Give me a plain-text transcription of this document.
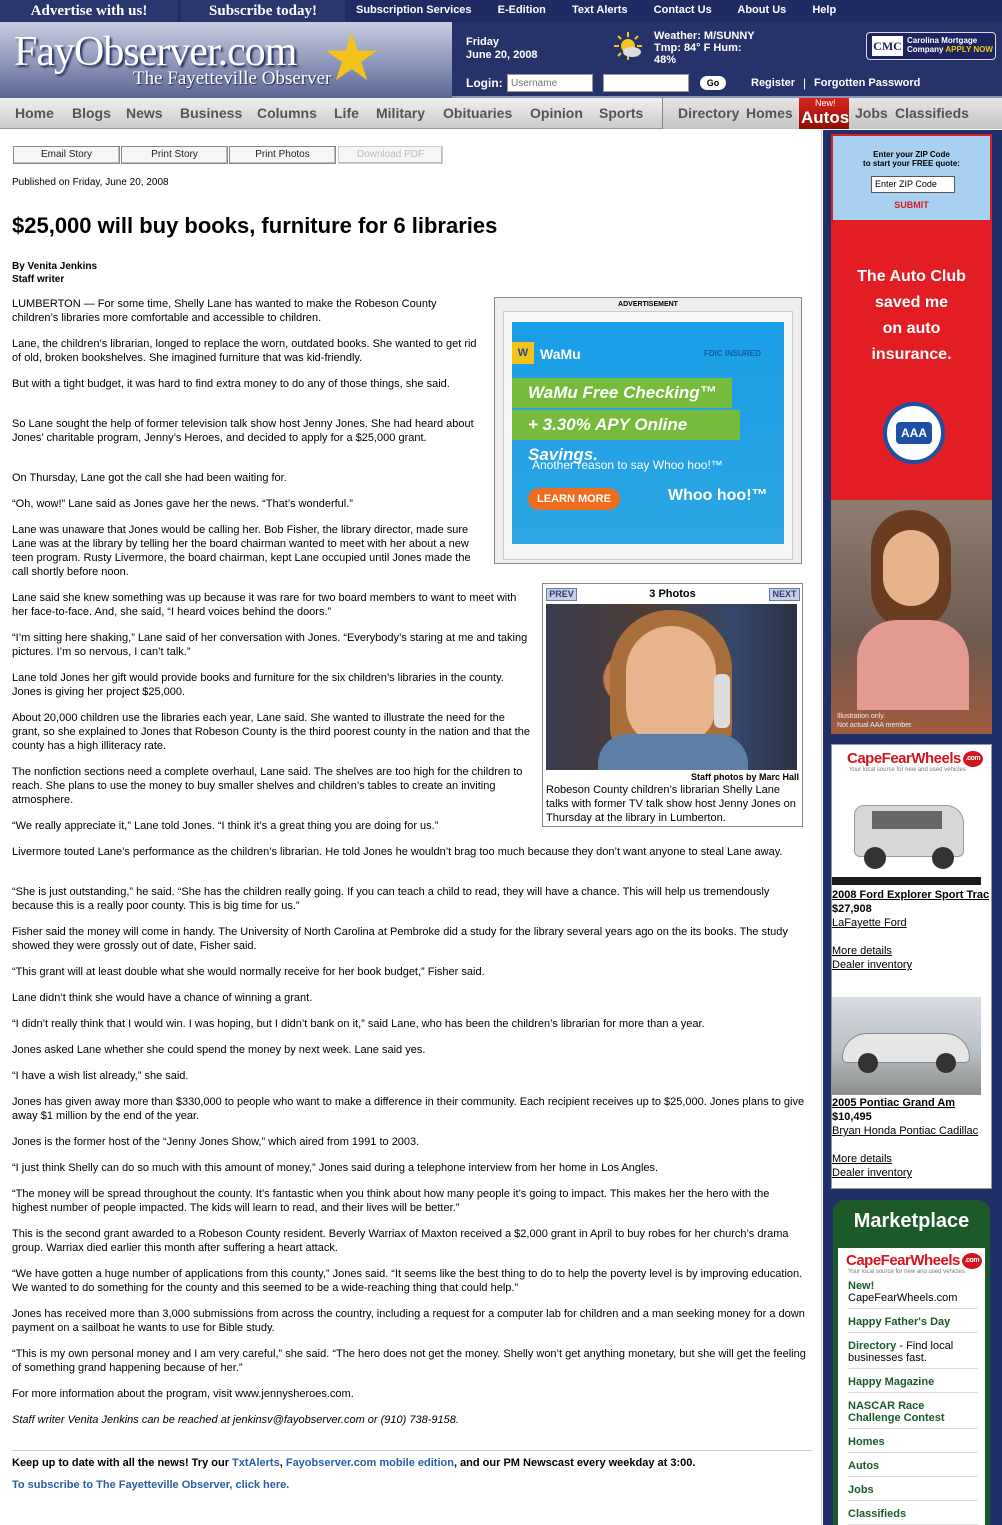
Advertise with us!	Subscribe today!	Subscription Services E-Edition Text Alerts Contact Us About Us Help
★
FayObserver.com
The Fayetteville Observer
Friday
June 20, 2008
Weather: M/SUNNY
Tmp: 84° F Hum:
48%
CMC Carolina Mortgage
Company APPLY NOW
Login:
Username	Go	Register | Forgotten Password
Home Blogs News Business Columns Life Military Obituaries Opinion Sports Directory Homes	Jobs Classifieds
New!
Autos
Email Story	Print Story	Print Photos	Download PDF
Published on Friday, June 20, 2008
$25,000 will buy books, furniture for 6 libraries
By Venita Jenkins
Staff writer

LUMBERTON — For some time, Shelly Lane has wanted to make the Robeson County children’s libraries more comfortable and accessible to children.

Lane, the children’s librarian, longed to replace the worn, outdated books. She wanted to get rid of old, broken bookshelves. She imagined furniture that was kid-friendly.

But with a tight budget, it was hard to find extra money to do any of those things, she said.

So Lane sought the help of former television talk show host Jenny Jones. She had heard about Jones’ charitable program, Jenny’s Heroes, and decided to apply for a $25,000 grant.

On Thursday, Lane got the call she had been waiting for.

“Oh, wow!” Lane said as Jones gave her the news. “That’s wonderful.”

Lane was unaware that Jones would be calling her. Bob Fisher, the library director, made sure Lane was at the library by telling her the board chairman wanted to meet with her about a new teen program. Rusty Livermore, the board chairman, kept Lane occupied until Jones made the call shortly before noon.

Lane said she knew something was up because it was rare for two board members to want to meet with her face-to-face. And, she said, “I heard voices behind the doors.”

“I’m sitting here shaking,” Lane said of her conversation with Jones. “Everybody’s staring at me and taking pictures. I’m so nervous, I can’t talk.”

Lane told Jones her gift would provide books and furniture for the six children’s libraries in the county. Jones is giving her project $25,000.

About 20,000 children use the libraries each year, Lane said. She wanted to illustrate the need for the grant, so she explained to Jones that Robeson County is the third poorest county in the nation and that the county has a high illiteracy rate.

The nonfiction sections need a complete overhaul, Lane said. The shelves are too high for the children to reach. She plans to use the money to buy smaller shelves and children’s tables to create an inviting atmosphere.

“We really appreciate it,” Lane told Jones. “I think it’s a great thing you are doing for us.”

Livermore touted Lane’s performance as the children’s librarian. He told Jones he wouldn’t brag too much because they don’t want anyone to steal Lane away.

“She is just outstanding,” he said. “She has the children really going. If you can teach a child to read, they will have a chance. This will help us tremendously because this is a really poor county. This is big time for us.”

Fisher said the money will come in handy. The University of North Carolina at Pembroke did a study for the library several years ago on the its books. The study showed they were grossly out of date, Fisher said.

“This grant will at least double what she would normally receive for her book budget,” Fisher said.

Lane didn’t think she would have a chance of winning a grant.

“I didn’t really think that I would win. I was hoping, but I didn’t bank on it,” said Lane, who has been the children’s librarian for more than a year.

Jones asked Lane whether she could spend the money by next week. Lane said yes.

“I have a wish list already,” she said.

Jones has given away more than $330,000 to people who want to make a difference in their community. Each recipient receives up to $25,000. Jones plans to give away $1 million by the end of the year.

Jones is the former host of the “Jenny Jones Show,” which aired from 1991 to 2003.

“I just think Shelly can do so much with this amount of money,” Jones said during a telephone interview from her home in Los Angles.

“The money will be spread throughout the county. It’s fantastic when you think about how many people it’s going to impact. This makes her the hero with the highest number of people impacted. The kids will learn to read, and their lives will be better.”

This is the second grant awarded to a Robeson County resident. Beverly Warriax of Maxton received a $2,000 grant in April to buy robes for her church’s drama group. Warriax died earlier this month after suffering a heart attack.

“We have gotten a huge number of applications from this county,” Jones said. “It seems like the best thing to do to help the poverty level is by improving education. We wanted to do something for the county and this seemed to be a wide-reaching thing that could help.”

Jones has received more than 3,000 submissions from across the country, including a request for a computer lab for children and a man seeking money for a down payment on a sailboat he wants to use for Bible study.

“This is my own personal money and I am very careful,” she said. “The hero does not get the money. Shelly won’t get anything monetary, but she will get the feeling of something grand happening because of her.”

For more information about the program, visit www.jennysheroes.com.

Staff writer Venita Jenkins can be reached at jenkinsv@fayobserver.com or (910) 738-9158.

ADVERTISEMENT
W WaMu	FDIC INSURED
WaMu Free Checking™
+ 3.30% APY Online Savings.
Another reason to say Whoo hoo!™
LEARN MORE	Whoo hoo!™
3 Photos
PREV	NEXT
Staff photos by Marc Hall
Robeson County children’s librarian Shelly Lane talks with former TV talk show host Jenny Jones on Thursday at the library in Lumberton.
Keep up to date with all the news! Try our TxtAlerts, Fayobserver.com mobile edition, and our PM Newscast every weekday at 3:00.
To subscribe to The Fayetteville Observer, click here.
Enter your ZIP Code
to start your FREE quote:
Enter ZIP Code
SUBMIT
The Auto Club
saved me
on auto
insurance.
AAA
Illustration only.
Not actual AAA member.
CapeFearWheels .com
Your local source for new and used vehicles
2008 Ford Explorer Sport Trac
$27,908
LaFayette Ford
More details
Dealer inventory
2005 Pontiac Grand Am
$10,495
Bryan Honda Pontiac Cadillac
More details
Dealer inventory
Marketplace
CapeFearWheels .com
Your local source for new and used vehicles
New!
CapeFearWheels.com
Happy Father's Day
Directory - Find local businesses fast.
Happy Magazine
NASCAR Race Challenge Contest
Homes
Autos
Jobs
Classifieds
